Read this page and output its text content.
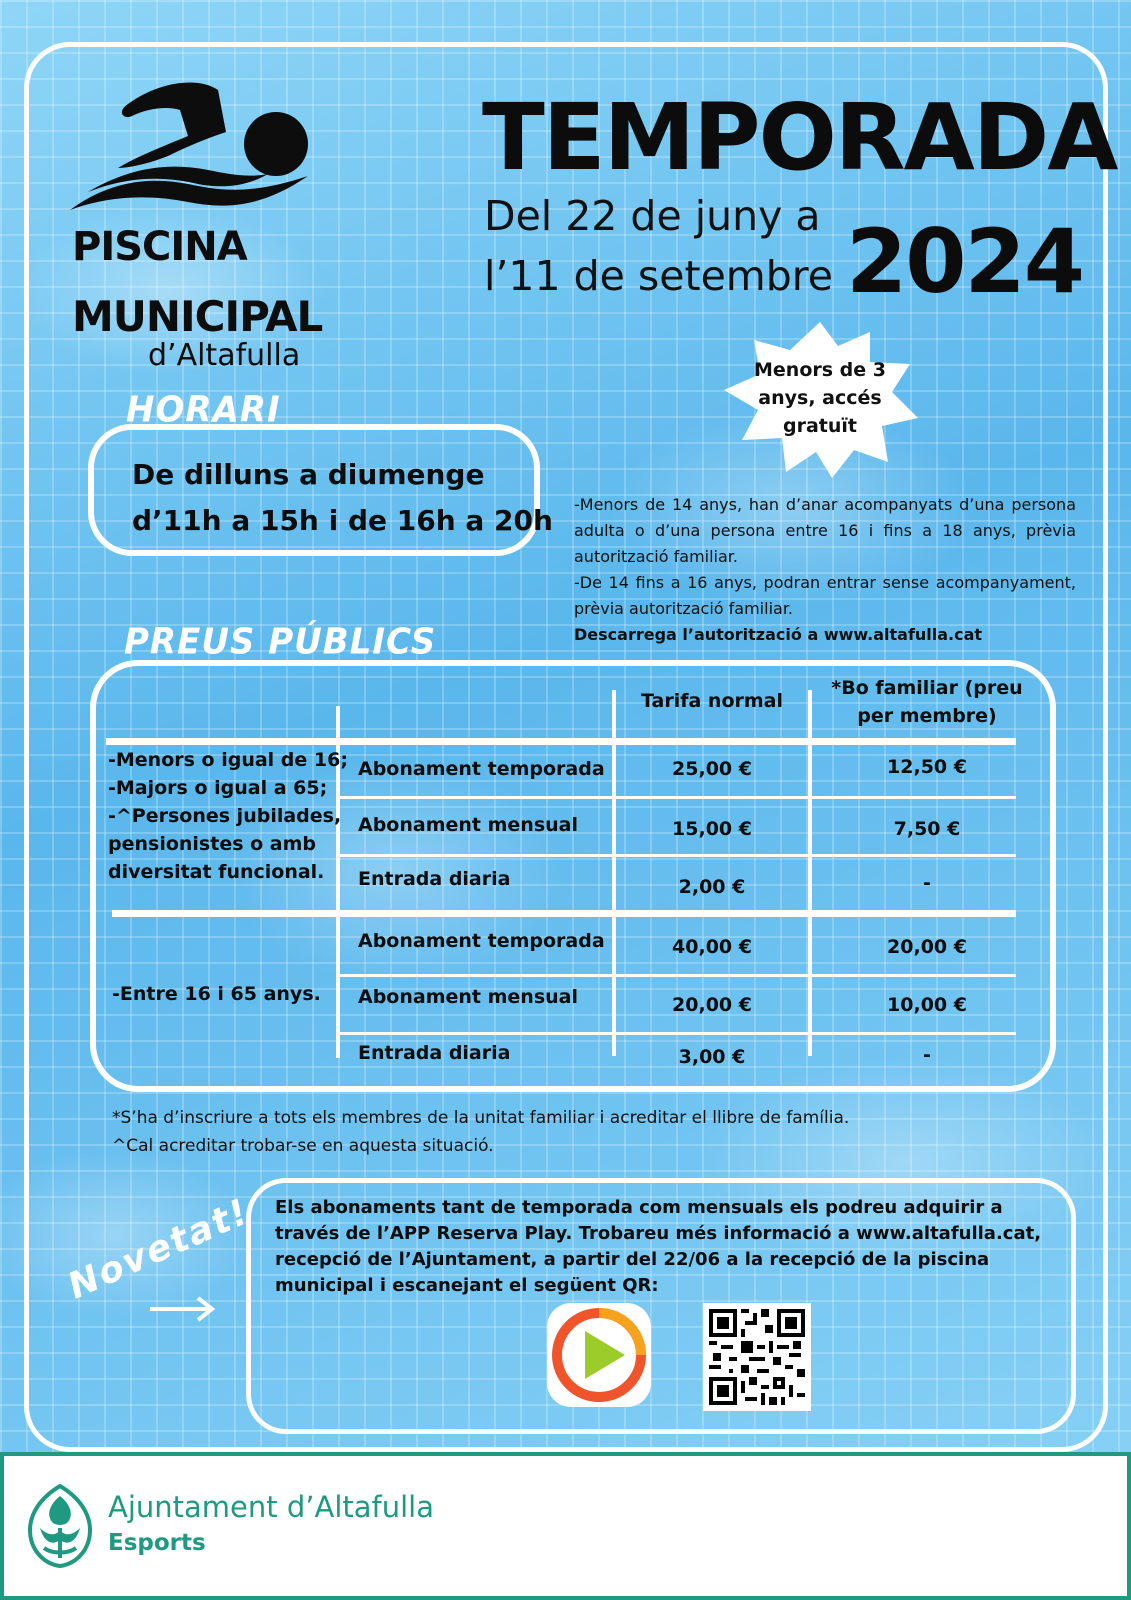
PISCINA
MUNICIPAL
d’Altafulla
TEMPORADA
Del 22 de juny a
l’11 de setembre 2024
Menors de 3
anys, accés
gratuït
HORARI
De dilluns a diumenge
d’11h a 15h i de 16h a 20h -Menors de 14 anys, han d’anar acompanyats d’una persona adulta o d’una persona entre 16 i fins a 18 anys, prèvia autorització familiar.

-De 14 fins a 16 anys, podran entrar sense acompanyament, prèvia autorització familiar.

Descarrega l’autorització a www.altafulla.cat

PREUS PÚBLICS
Tarifa normal
*Bo familiar (preu
per membre)
-Menors o igual de 16;
-Majors o igual a 65;
-^Persones jubilades,
pensionistes o amb
diversitat funcional.
Abonament temporada	25,00 €	12,50 €
Abonament mensual	15,00 €	7,50 €
Entrada diaria	2,00 €	-
-Entre 16 i 65 anys.
Abonament temporada	40,00 €	20,00 €
Abonament mensual	20,00 €	10,00 €
Entrada diaria	3,00 €	-
*S’ha d’inscriure a tots els membres de la unitat familiar i acreditar el llibre de família.
^Cal acreditar trobar-se en aquesta situació.
Novetat! Els abonaments tant de temporada com mensuals els podreu adquirir a través de l’APP Reserva Play. Trobareu més informació a www.altafulla.cat, recepció de l’Ajuntament, a partir del 22/06 a la recepció de la piscina municipal i escanejant el següent QR:
Ajuntament d’Altafulla
Esports
